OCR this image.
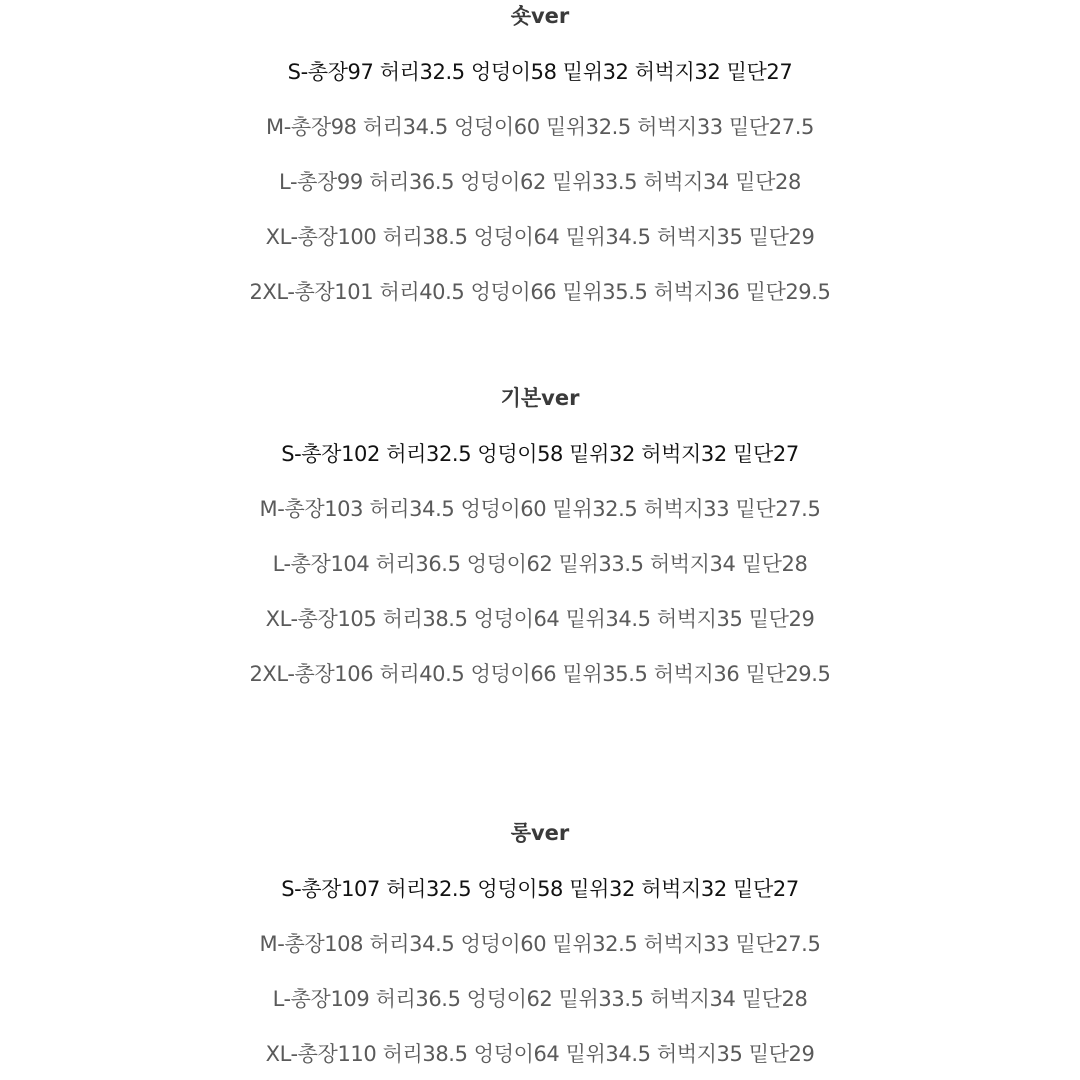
숏ver
S-총장97 허리32.5 엉덩이58 밑위32 허벅지32 밑단27
M-총장98 허리34.5 엉덩이60 밑위32.5 허벅지33 밑단27.5
L-총장99 허리36.5 엉덩이62 밑위33.5 허벅지34 밑단28
XL-총장100 허리38.5 엉덩이64 밑위34.5 허벅지35 밑단29
2XL-총장101 허리40.5 엉덩이66 밑위35.5 허벅지36 밑단29.5
기본ver
S-총장102 허리32.5 엉덩이58 밑위32 허벅지32 밑단27
M-총장103 허리34.5 엉덩이60 밑위32.5 허벅지33 밑단27.5
L-총장104 허리36.5 엉덩이62 밑위33.5 허벅지34 밑단28
XL-총장105 허리38.5 엉덩이64 밑위34.5 허벅지35 밑단29
2XL-총장106 허리40.5 엉덩이66 밑위35.5 허벅지36 밑단29.5
롱ver
S-총장107 허리32.5 엉덩이58 밑위32 허벅지32 밑단27
M-총장108 허리34.5 엉덩이60 밑위32.5 허벅지33 밑단27.5
L-총장109 허리36.5 엉덩이62 밑위33.5 허벅지34 밑단28
XL-총장110 허리38.5 엉덩이64 밑위34.5 허벅지35 밑단29
